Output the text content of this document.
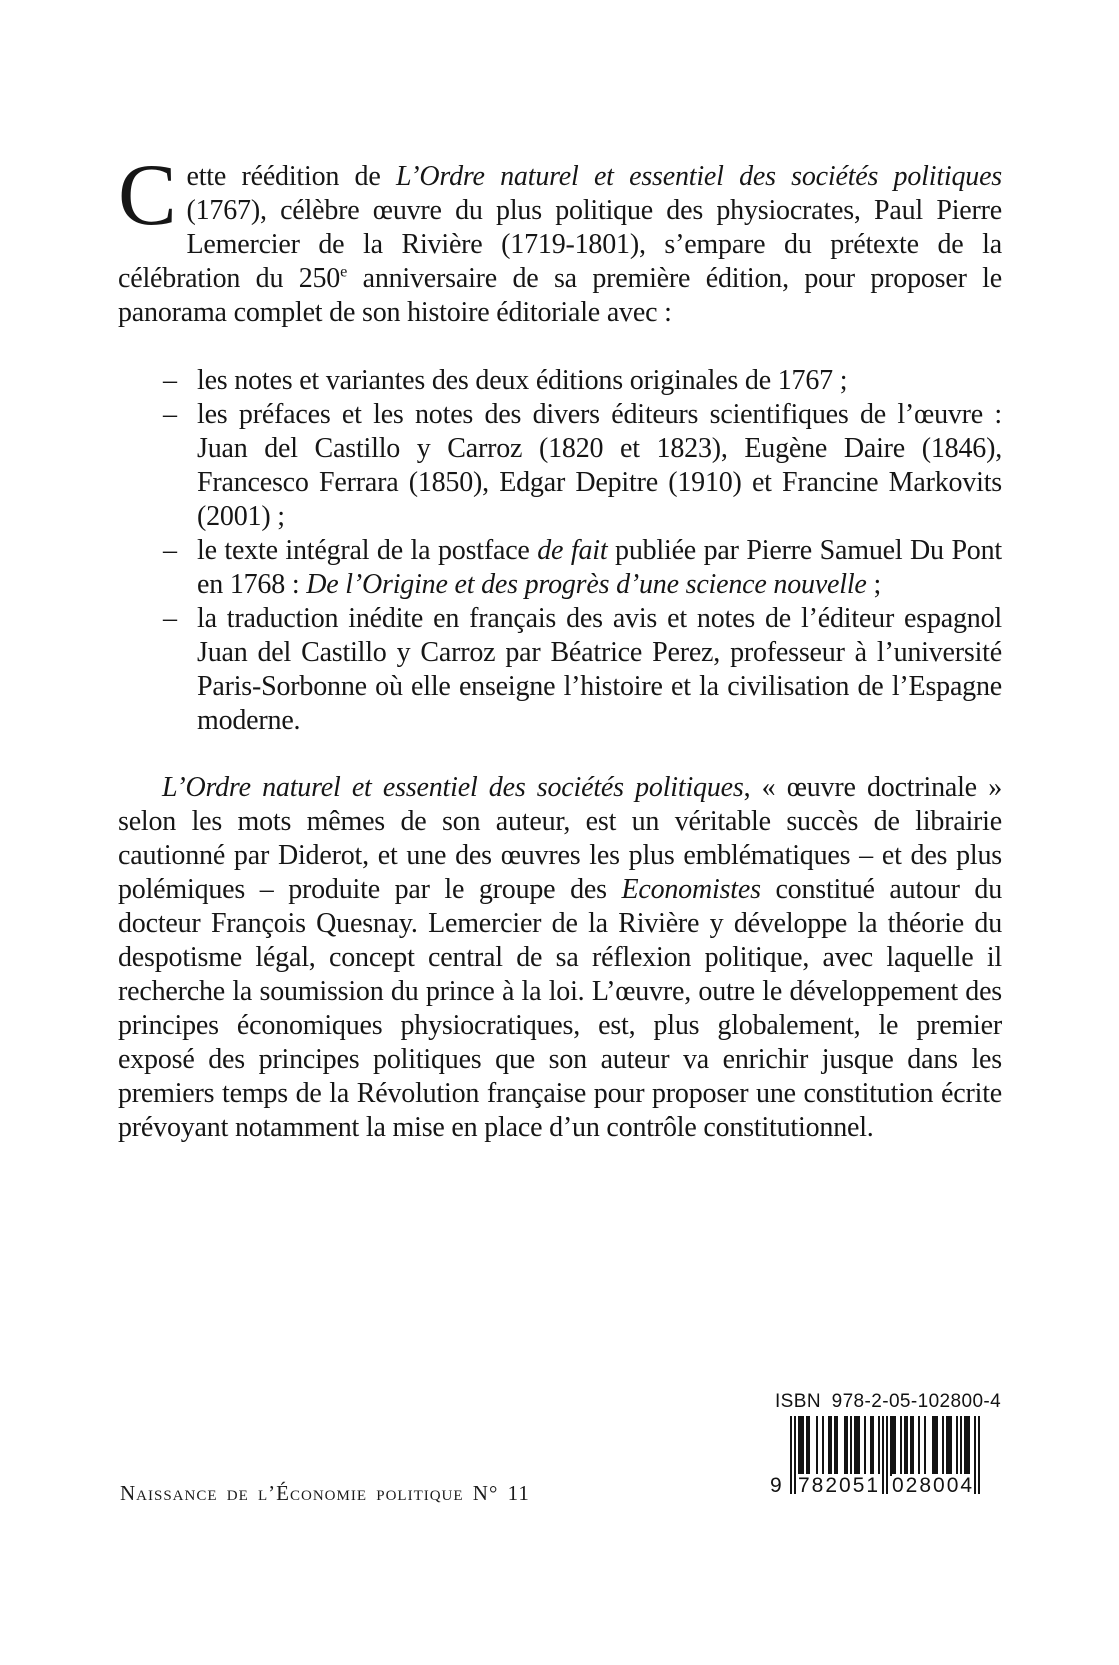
Cette réédition de L’Ordre naturel et essentiel des sociétés politiques (1767), célèbre œuvre du plus politique des physiocrates, Paul Pierre Lemercier de la Rivière (1719-1801), s’empare du prétexte de la célébration du 250e anniversaire de sa première édition, pour proposer le panorama complet de son histoire éditoriale avec :

– les notes et variantes des deux éditions originales de 1767 ;
– les préfaces et les notes des divers éditeurs scientifiques de l’œuvre : Juan del Castillo y Carroz (1820 et 1823), Eugène Daire (1846), Francesco Ferrara (1850), Edgar Depitre (1910) et Francine Markovits (2001) ;
– le texte intégral de la postface de fait publiée par Pierre Samuel Du Pont en 1768 : De l’Origine et des progrès d’une science nouvelle ;
– la traduction inédite en français des avis et notes de l’éditeur espagnol Juan del Castillo y Carroz par Béatrice Perez, professeur à l’université Paris-Sorbonne où elle enseigne l’histoire et la civilisation de l’Espagne moderne.

L’Ordre naturel et essentiel des sociétés politiques, « œuvre doctrinale » selon les mots mêmes de son auteur, est un véritable succès de librairie cautionné par Diderot, et une des œuvres les plus emblématiques – et des plus polémiques – produite par le groupe des Economistes constitué autour du docteur François Quesnay. Lemercier de la Rivière y développe la théorie du despotisme légal, concept central de sa réflexion politique, avec laquelle il recherche la soumission du prince à la loi. L’œuvre, outre le développement des principes économiques physiocratiques, est, plus globalement, le premier exposé des principes politiques que son auteur va enrichir jusque dans les premiers temps de la Révolution française pour proposer une constitution écrite prévoyant notamment la mise en place d’un contrôle constitutionnel.

ISBN 978-2-05-102800-4
9 782051 028004
Naissance de l’Économie politique N° 11
